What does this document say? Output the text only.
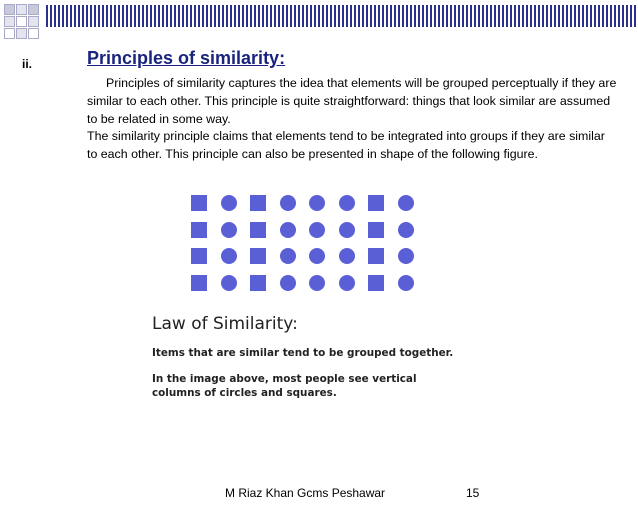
ii.	Principles of similarity:

Principles of similarity captures the idea that elements will be grouped perceptually if they are similar to each other. This principle is quite straightforward: things that look similar are assumed to be related in some way.

The similarity principle claims that elements tend to be integrated into groups if they are similar to each other. This principle can also be presented in shape of the following figure.

Law of Similarity:
Items that are similar tend to be grouped together.
In the image above, most people see vertical
columns of circles and squares.
M Riaz Khan Gcms Peshawar	15
